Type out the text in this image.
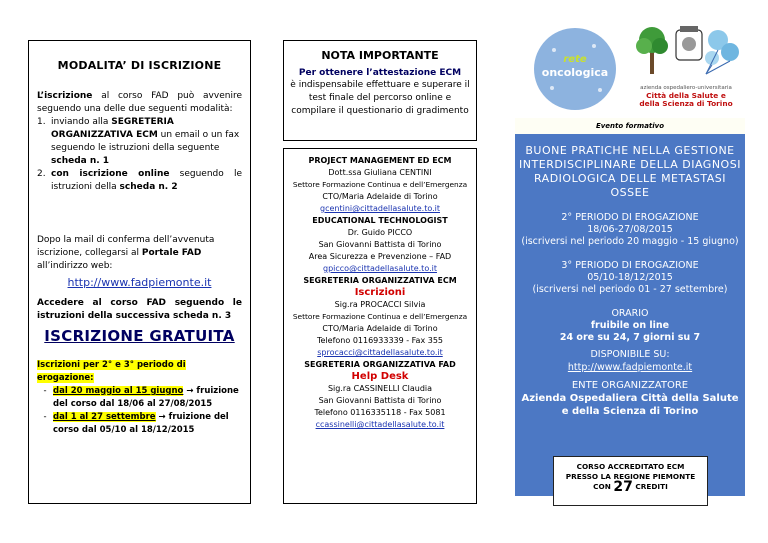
MODALITA’ DI ISCRIZIONE
L’iscrizione al corso FAD può avvenire seguendo una delle due seguenti modalità:
1. inviando alla SEGRETERIA ORGANIZZATIVA ECM un email o un fax seguendo le istruzioni della seguente scheda n. 1
2. con iscrizione online seguendo le istruzioni della scheda n. 2
Dopo la mail di conferma dell’avvenuta iscrizione, collegarsi al Portale FAD all’indirizzo web:
http://www.fadpiemonte.it
Accedere al corso FAD seguendo le istruzioni della successiva scheda n. 3
ISCRIZIONE GRATUITA
Iscrizioni per 2° e 3° periodo di erogazione:
- dal 20 maggio al 15 giugno → fruizione del corso dal 18/06 al 27/08/2015
- dal 1 al 27 settembre → fruizione del corso dal 05/10 al 18/12/2015
NOTA IMPORTANTE
Per ottenere l’attestazione ECM
è indispensabile effettuare e superare il test finale del percorso online e compilare il questionario di gradimento
PROJECT MANAGEMENT ED ECM
Dott.ssa Giuliana CENTINI
Settore Formazione Continua e dell’Emergenza
CTO/Maria Adelaide di Torino
gcentini@cittadellasalute.to.it
EDUCATIONAL TECHNOLOGIST
Dr. Guido PICCO
San Giovanni Battista di Torino
Area Sicurezza e Prevenzione – FAD
gpicco@cittadellasalute.to.it
SEGRETERIA ORGANIZZATIVA ECM
Iscrizioni
Sig.ra PROCACCI Silvia
Settore Formazione Continua e dell’Emergenza
CTO/Maria Adelaide di Torino
Telefono 0116933339 - Fax 355
sprocacci@cittadellasalute.to.it
SEGRETERIA ORGANIZZATIVA FAD
Help Desk
Sig.ra CASSINELLI Claudia
San Giovanni Battista di Torino
Telefono 0116335118 - Fax 5081
ccassinelli@cittadellasalute.to.it
rete
oncologica
azienda ospedaliero-universitaria
Città della Salute e
della Scienza di Torino
Evento formativo
BUONE PRATICHE NELLA GESTIONE INTERDISCIPLINARE DELLA DIAGNOSI RADIOLOGICA DELLE METASTASI OSSEE
2° PERIODO DI EROGAZIONE
18/06-27/08/2015
(iscriversi nel periodo 20 maggio - 15 giugno)
3° PERIODO DI EROGAZIONE
05/10-18/12/2015
(iscriversi nel periodo 01 - 27 settembre)
ORARIO
fruibile on line
24 ore su 24, 7 giorni su 7
DISPONIBILE SU:
http://www.fadpiemonte.it
ENTE ORGANIZZATORE
Azienda Ospedaliera Città della Salute e della Scienza di Torino
CORSO ACCREDITATO ECM
PRESSO LA REGIONE PIEMONTE
CON 27 CREDITI
